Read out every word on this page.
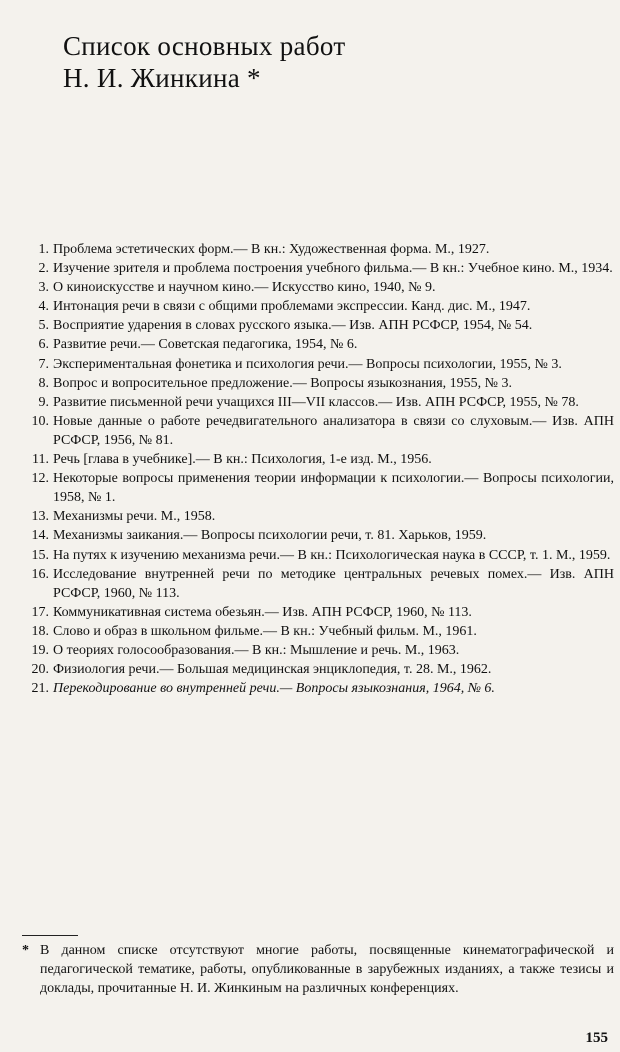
Список основных работ
Н. И. Жинкина *
1. Проблема эстетических форм.— В кн.: Художественная форма. М., 1927.
2. Изучение зрителя и проблема построения учебного фильма.— В кн.: Учебное кино. М., 1934.
3. О киноискусстве и научном кино.— Искусство кино, 1940, № 9.
4. Интонация речи в связи с общими проблемами экспрессии. Канд. дис. М., 1947.
5. Восприятие ударения в словах русского языка.— Изв. АПН РСФСР, 1954, № 54.
6. Развитие речи.— Советская педагогика, 1954, № 6.
7. Экспериментальная фонетика и психология речи.— Вопросы психологии, 1955, № 3.
8. Вопрос и вопросительное предложение.— Вопросы языкознания, 1955, № 3.
9. Развитие письменной речи учащихся III—VII классов.— Изв. АПН РСФСР, 1955, № 78.
10. Новые данные о работе речедвигательного анализатора в связи со слуховым.— Изв. АПН РСФСР, 1956, № 81.
11. Речь [глава в учебнике].— В кн.: Психология, 1-е изд. М., 1956.
12. Некоторые вопросы применения теории информации к психологии.— Вопросы психологии, 1958, № 1.
13. Механизмы речи. М., 1958.
14. Механизмы заикания.— Вопросы психологии речи, т. 81. Харьков, 1959.
15. На путях к изучению механизма речи.— В кн.: Психологическая наука в СССР, т. 1. М., 1959.
16. Исследование внутренней речи по методике центральных речевых помех.— Изв. АПН РСФСР, 1960, № 113.
17. Коммуникативная система обезьян.— Изв. АПН РСФСР, 1960, № 113.
18. Слово и образ в школьном фильме.— В кн.: Учебный фильм. М., 1961.
19. О теориях голосообразования.— В кн.: Мышление и речь. М., 1963.
20. Физиология речи.— Большая медицинская энциклопедия, т. 28. М., 1962.
21. Перекодирование во внутренней речи.— Вопросы языкознания, 1964, № 6.
* В данном списке отсутствуют многие работы, посвященные кинематографической и педагогической тематике, работы, опубликованные в зарубежных изданиях, а также тезисы и доклады, прочитанные Н. И. Жинкиным на различных конференциях.
155
